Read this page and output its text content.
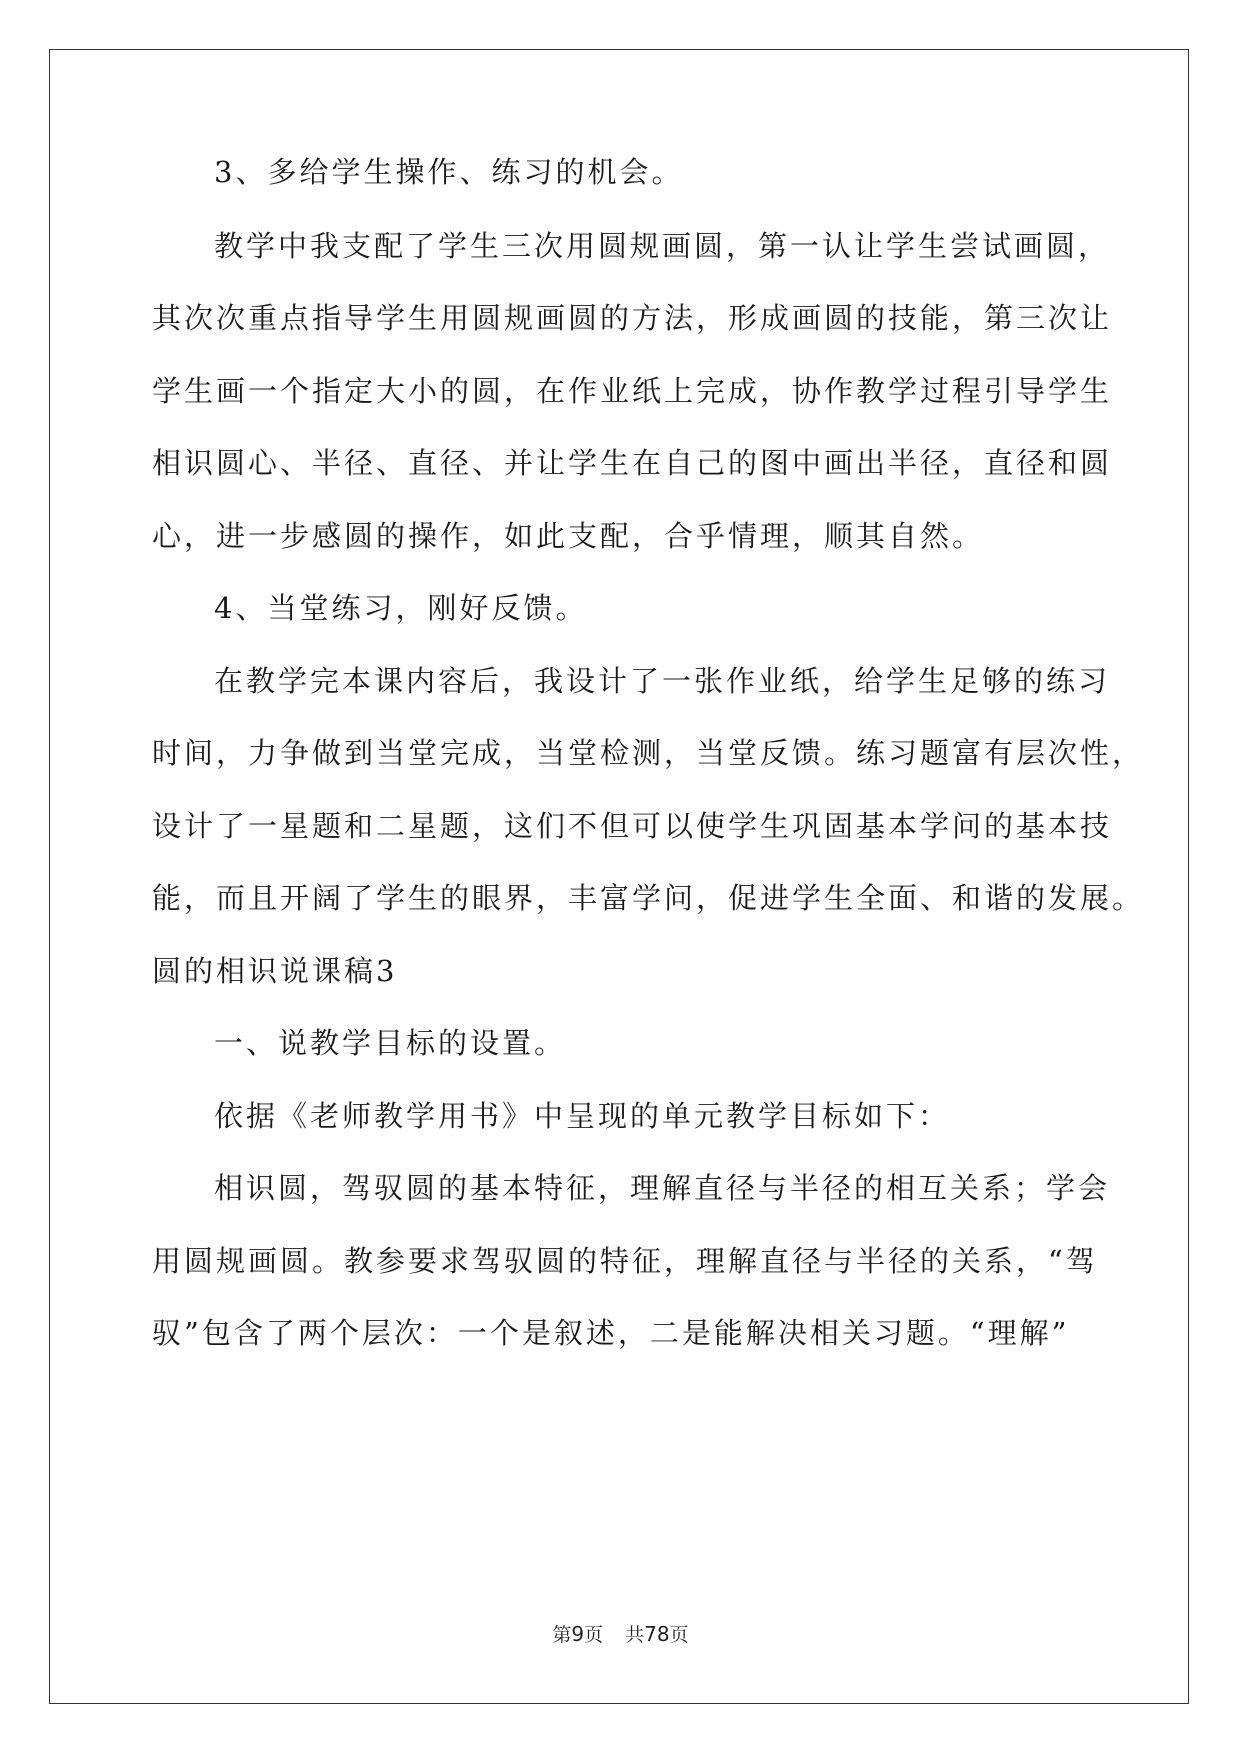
3、多给学生操作、练习的机会。
教学中我支配了学生三次用圆规画圆，第一认让学生尝试画圆，
其次次重点指导学生用圆规画圆的方法，形成画圆的技能，第三次让
学生画一个指定大小的圆，在作业纸上完成，协作教学过程引导学生
相识圆心、半径、直径、并让学生在自己的图中画出半径，直径和圆
心，进一步感圆的操作，如此支配，合乎情理，顺其自然。
4、当堂练习，刚好反馈。
在教学完本课内容后，我设计了一张作业纸，给学生足够的练习
时间，力争做到当堂完成，当堂检测，当堂反馈。练习题富有层次性，
设计了一星题和二星题，这们不但可以使学生巩固基本学问的基本技
能，而且开阔了学生的眼界，丰富学问，促进学生全面、和谐的发展。
圆的相识说课稿3
一、说教学目标的设置。
依据《老师教学用书》中呈现的单元教学目标如下：
相识圆，驾驭圆的基本特征，理解直径与半径的相互关系；学会
用圆规画圆。教参要求驾驭圆的特征，理解直径与半径的关系，“驾
驭”包含了两个层次：一个是叙述，二是能解决相关习题。“理解”
第9页 共78页
